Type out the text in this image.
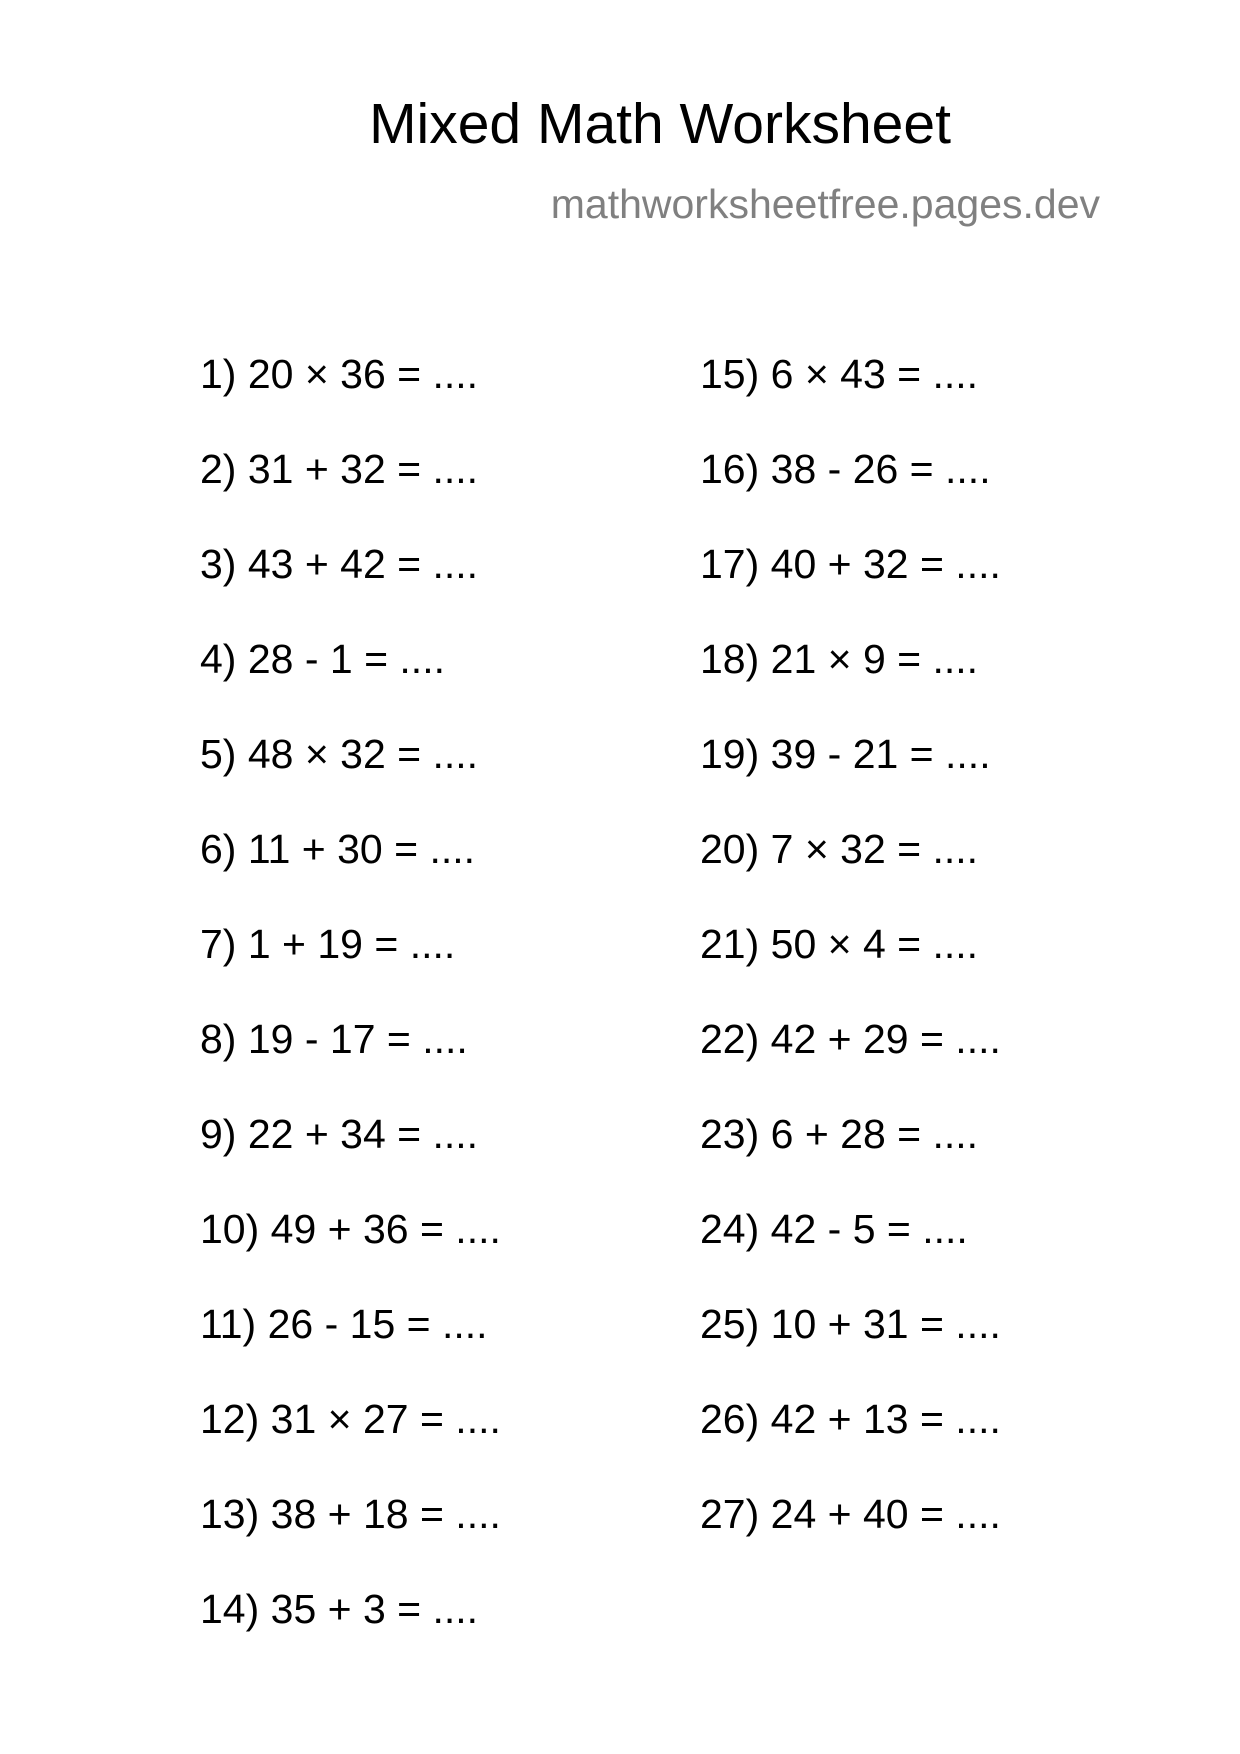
Mixed Math Worksheet
mathworksheetfree.pages.dev
1) 20 × 36 = ....
2) 31 + 32 = ....
3) 43 + 42 = ....
4) 28 - 1 = ....
5) 48 × 32 = ....
6) 11 + 30 = ....
7) 1 + 19 = ....
8) 19 - 17 = ....
9) 22 + 34 = ....
10) 49 + 36 = ....
11) 26 - 15 = ....
12) 31 × 27 = ....
13) 38 + 18 = ....
14) 35 + 3 = ....
15) 6 × 43 = ....
16) 38 - 26 = ....
17) 40 + 32 = ....
18) 21 × 9 = ....
19) 39 - 21 = ....
20) 7 × 32 = ....
21) 50 × 4 = ....
22) 42 + 29 = ....
23) 6 + 28 = ....
24) 42 - 5 = ....
25) 10 + 31 = ....
26) 42 + 13 = ....
27) 24 + 40 = ....
